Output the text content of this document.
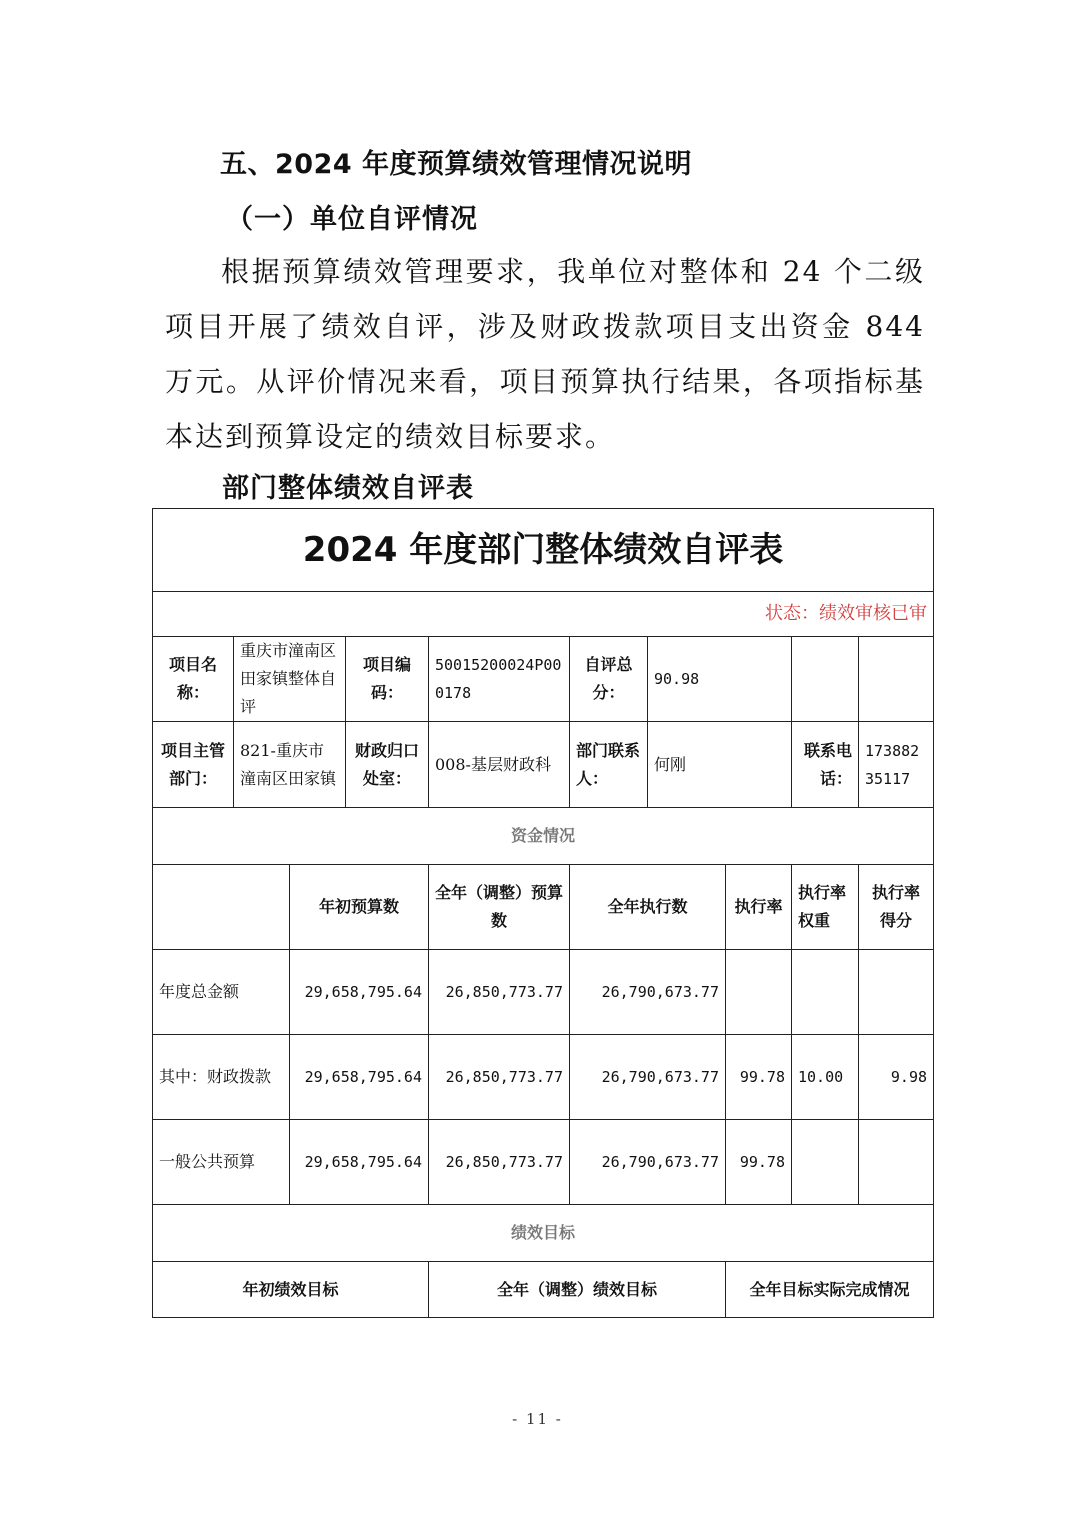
五、2024 年度预算绩效管理情况说明
（一）单位自评情况
根据预算绩效管理要求，我单位对整体和 24 个二级项目开展了绩效自评，涉及财政拨款项目支出资金 844 万元。从评价情况来看，项目预算执行结果，各项指标基本达到预算设定的绩效目标要求。
部门整体绩效自评表
2024 年度部门整体绩效自评表									
状态：绩效审核已审									
项目名称：	重庆市潼南区田家镇整体自评		项目编码：	50015200024P000178	自评总分：	90.98			
项目主管部门：	821-重庆市潼南区田家镇		财政归口处室：	008-基层财政科	部门联系人：	何刚		联系电话：	17388235117
资金情况									
		年初预算数		全年（调整）预算数	全年执行数		执行率	执行率权重	执行率得分
年度总金额		29,658,795.64		26,850,773.77	26,790,673.77				
其中：财政拨款		29,658,795.64		26,850,773.77	26,790,673.77		99.78	10.00	9.98
一般公共预算		29,658,795.64		26,850,773.77	26,790,673.77		99.78		
绩效目标									
年初绩效目标				全年（调整）绩效目标			全年目标实际完成情况		
- 11 -
